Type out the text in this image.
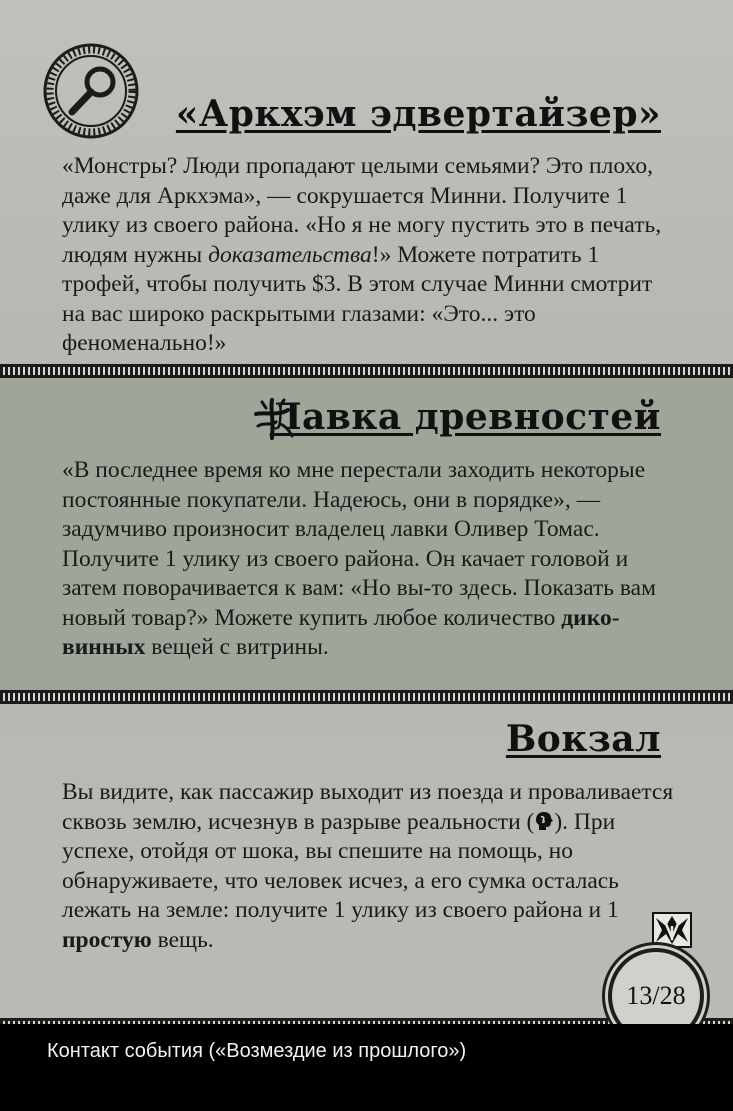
«Аркхэм эдвертайзер»

«Монстры? Люди пропадают целыми семьями? Это плохо, даже для Аркхэма», — сокрушается Минни. Получите 1 улику из своего района. «Но я не могу пустить это в печать, людям нужны доказательства!» Можете потратить 1 трофей, чтобы получить $3. В этом случае Минни смотрит на вас широко раскрытыми глазами: «Это... это феноменально!»

Лавка древностей

«В последнее время ко мне перестали заходить некоторые постоянные покупатели. Надеюсь, они в порядке», — задумчиво произносит владелец лавки Оливер Томас. Получите 1 улику из своего района. Он качает головой и затем поворачивается к вам: «Но вы-то здесь. Показать вам новый товар?» Можете купить любое количество диковинных вещей с витрины.

Вокзал

Вы видите, как пассажир выходит из поезда и проваливается сквозь землю, исчезнув в разрыве реальности ( ). При успехе, отойдя от шока, вы спешите на помощь, но обнаруживаете, что человек исчез, а его сумка осталась лежать на земле: получите 1 улику из своего района и 1 простую вещь.

13/28
Контакт события («Возмездие из прошлого»)
